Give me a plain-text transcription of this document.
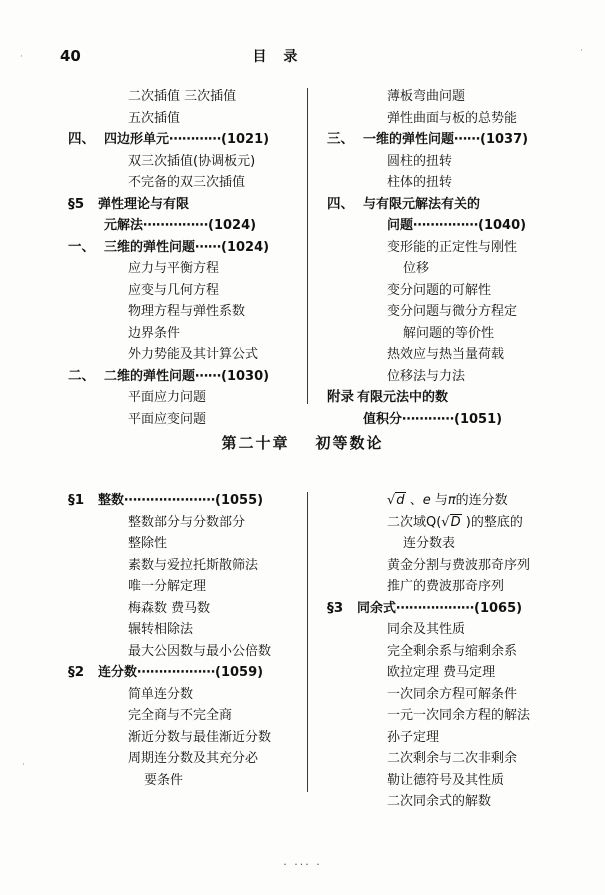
40	目 录
二次插值 三次插值
五次插值
四、 四边形单元⋯⋯⋯⋯(1021)
双三次插值(协调板元)
不完备的双三次插值
§5	弹性理论与有限
元解法⋯⋯⋯⋯⋯(1024)
一、 三维的弹性问题⋯⋯(1024)
应力与平衡方程
应变与几何方程
物理方程与弹性系数
边界条件
外力势能及其计算公式
二、 二维的弹性问题⋯⋯(1030)
平面应力问题
平面应变问题
薄板弯曲问题
弹性曲面与板的总势能
三、 一维的弹性问题⋯⋯(1037)
圆柱的扭转
柱体的扭转
四、 与有限元解法有关的
问题⋯⋯⋯⋯⋯(1040)
变形能的正定性与刚性
位移
变分问题的可解性
变分问题与微分方程定
解问题的等价性
热效应与热当量荷载
位移法与力法
附录 有限元法中的数
值积分⋯⋯⋯⋯(1051)
第二十章 初等数论
§1	整数⋯⋯⋯⋯⋯⋯⋯(1055)
整数部分与分数部分
整除性
素数与爱拉托斯散筛法
唯一分解定理
梅森数 费马数
辗转相除法
最大公因数与最小公倍数
§2	连分数⋯⋯⋯⋯⋯⋯(1059)
简单连分数
完全商与不完全商
渐近分数与最佳渐近分数
周期连分数及其充分必
要条件
√d 、e 与π的连分数
二次域Q(√D )的整底的
连分数表
黄金分割与费波那奇序列
推广的费波那奇序列
§3	同余式⋯⋯⋯⋯⋯⋯(1065)
同余及其性质
完全剩余系与缩剩余系
欧拉定理 费马定理
一次同余方程可解条件
一元一次同余方程的解法
孙子定理
二次剩余与二次非剩余
勒让德符号及其性质
二次同余式的解数
· ··· ·
·
·
·
